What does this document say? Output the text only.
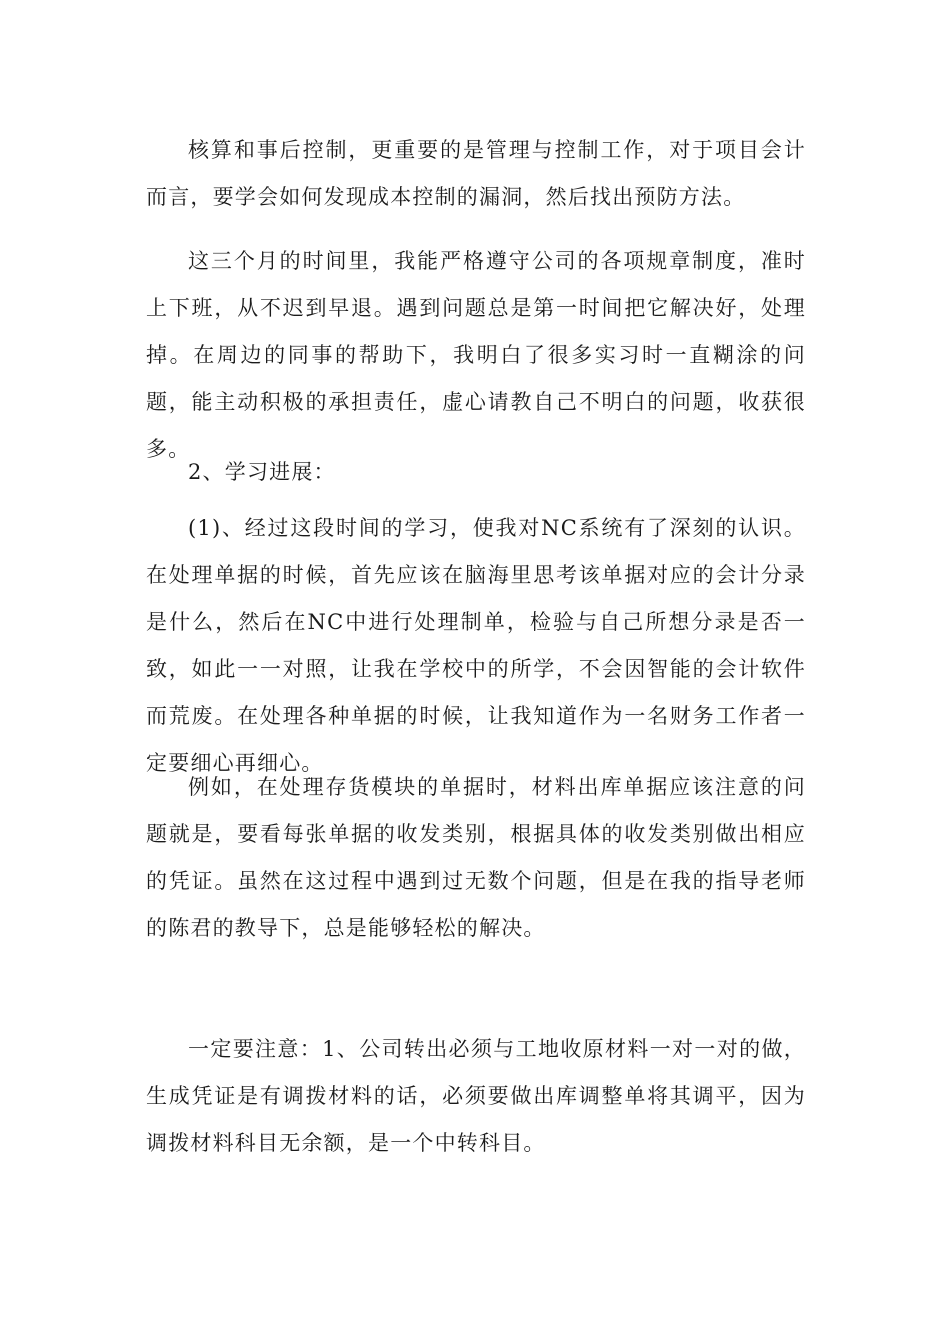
核算和事后控制，更重要的是管理与控制工作，对于项目会计而言，要学会如何发现成本控制的漏洞，然后找出预防方法。

这三个月的时间里，我能严格遵守公司的各项规章制度，准时上下班，从不迟到早退。遇到问题总是第一时间把它解决好，处理掉。在周边的同事的帮助下，我明白了很多实习时一直糊涂的问题，能主动积极的承担责任，虚心请教自己不明白的问题，收获很多。

2、学习进展：

(1)、经过这段时间的学习，使我对NC系统有了深刻的认识。在处理单据的时候，首先应该在脑海里思考该单据对应的会计分录是什么，然后在NC中进行处理制单，检验与自己所想分录是否一致，如此一一对照，让我在学校中的所学，不会因智能的会计软件而荒废。在处理各种单据的时候，让我知道作为一名财务工作者一定要细心再细心。

例如，在处理存货模块的单据时，材料出库单据应该注意的问题就是，要看每张单据的收发类别，根据具体的收发类别做出相应的凭证。虽然在这过程中遇到过无数个问题，但是在我的指导老师的陈君的教导下，总是能够轻松的解决。

一定要注意：1、公司转出必须与工地收原材料一对一对的做，生成凭证是有调拨材料的话，必须要做出库调整单将其调平，因为调拨材料科目无余额，是一个中转科目。
